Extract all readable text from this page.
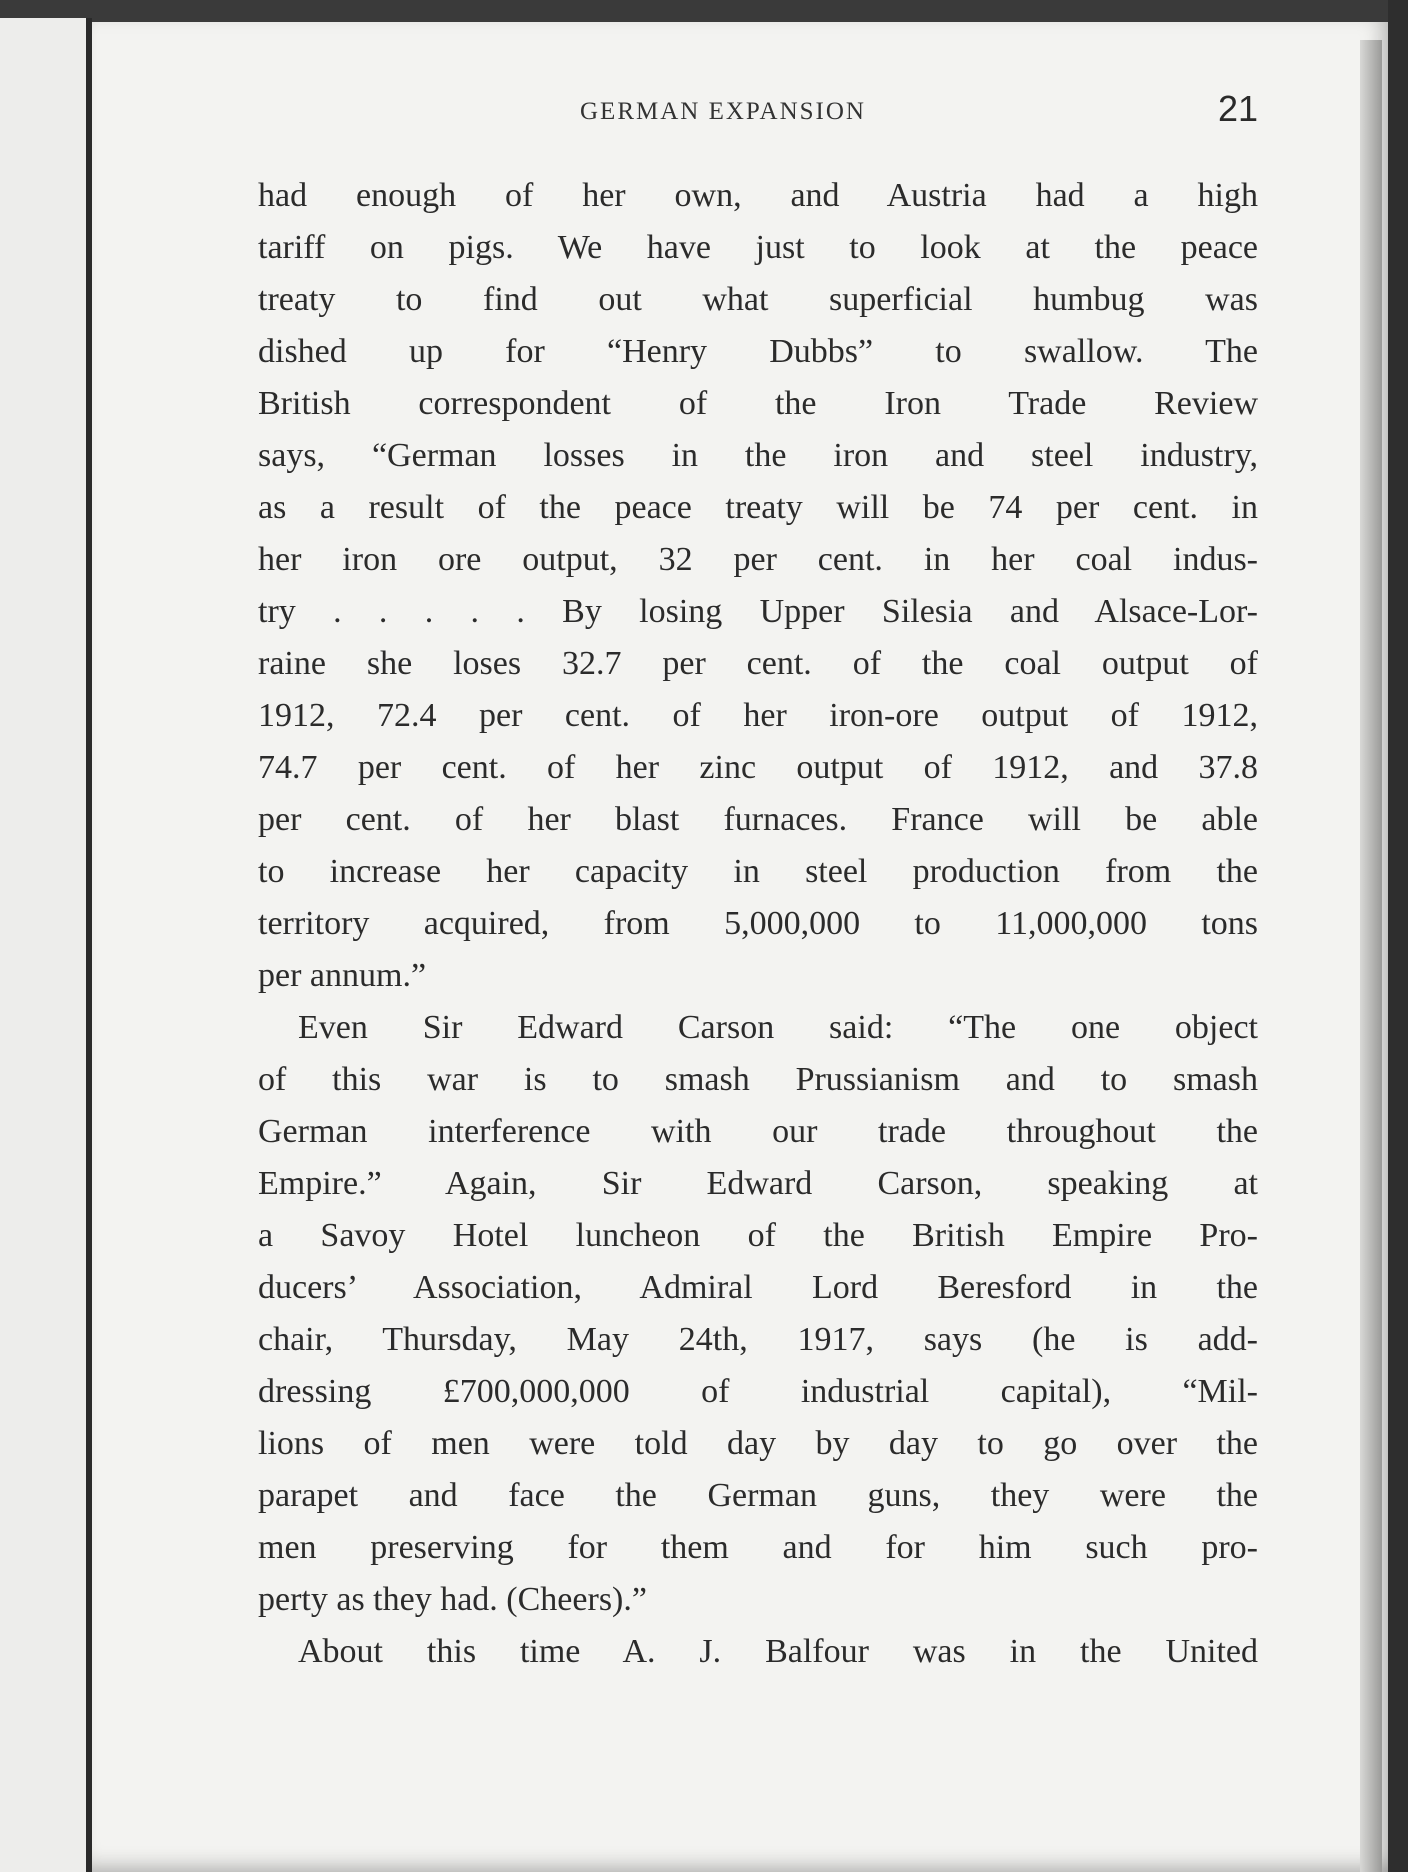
GERMAN EXPANSION	21
had enough of her own, and Austria had a high
tariff on pigs. We have just to look at the peace
treaty to find out what superficial humbug was
dished up for “Henry Dubbs” to swallow. The
British correspondent of the Iron Trade Review
says, “German losses in the iron and steel industry,
as a result of the peace treaty will be 74 per cent. in
her iron ore output, 32 per cent. in her coal indus-
try . . . . . By losing Upper Silesia and Alsace-Lor-
raine she loses 32.7 per cent. of the coal output of
1912, 72.4 per cent. of her iron-ore output of 1912,
74.7 per cent. of her zinc output of 1912, and 37.8
per cent. of her blast furnaces. France will be able
to increase her capacity in steel production from the
territory acquired, from 5,000,000 to 11,000,000 tons
per annum.”
Even Sir Edward Carson said: “The one object
of this war is to smash Prussianism and to smash
German interference with our trade throughout the
Empire.” Again, Sir Edward Carson, speaking at
a Savoy Hotel luncheon of the British Empire Pro-
ducers’ Association, Admiral Lord Beresford in the
chair, Thursday, May 24th, 1917, says (he is add-
dressing £700,000,000 of industrial capital), “Mil-
lions of men were told day by day to go over the
parapet and face the German guns, they were the
men preserving for them and for him such pro-
perty as they had. (Cheers).”
About this time A. J. Balfour was in the United
